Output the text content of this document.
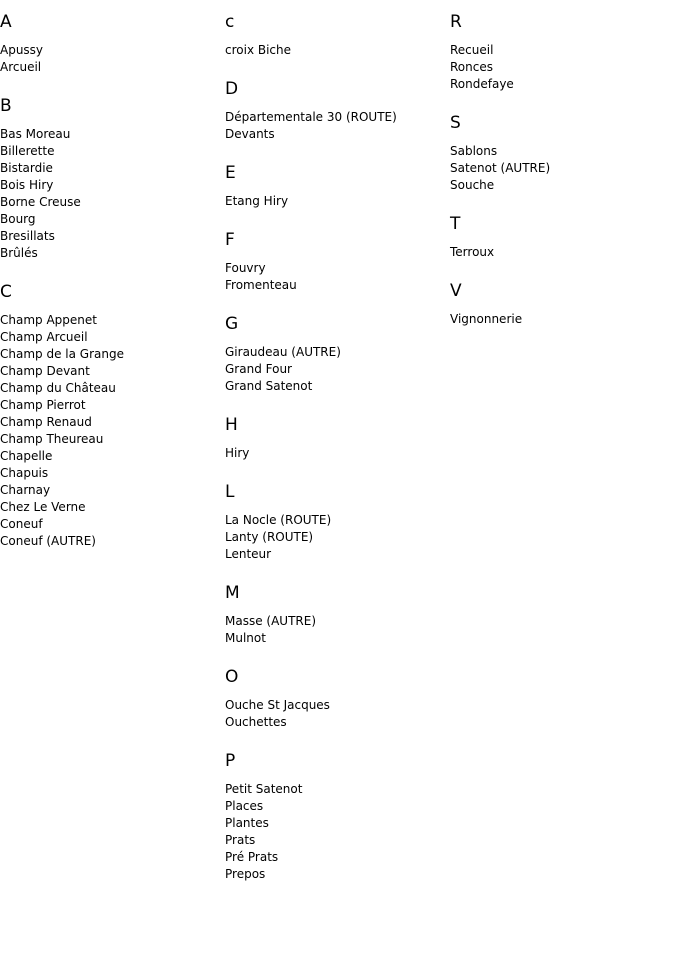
A
Apussy
Arcueil
B
Bas Moreau
Billerette
Bistardie
Bois Hiry
Borne Creuse
Bourg
Bresillats
Brûlés
C
Champ Appenet
Champ Arcueil
Champ de la Grange
Champ Devant
Champ du Château
Champ Pierrot
Champ Renaud
Champ Theureau
Chapelle
Chapuis
Charnay
Chez Le Verne
Coneuf
Coneuf (AUTRE)
c
croix Biche
D
Départementale 30 (ROUTE)
Devants
E
Etang Hiry
F
Fouvry
Fromenteau
G
Giraudeau (AUTRE)
Grand Four
Grand Satenot
H
Hiry
L
La Nocle (ROUTE)
Lanty (ROUTE)
Lenteur
M
Masse (AUTRE)
Mulnot
O
Ouche St Jacques
Ouchettes
P
Petit Satenot
Places
Plantes
Prats
Pré Prats
Prepos
R
Recueil
Ronces
Rondefaye
S
Sablons
Satenot (AUTRE)
Souche
T
Terroux
V
Vignonnerie
